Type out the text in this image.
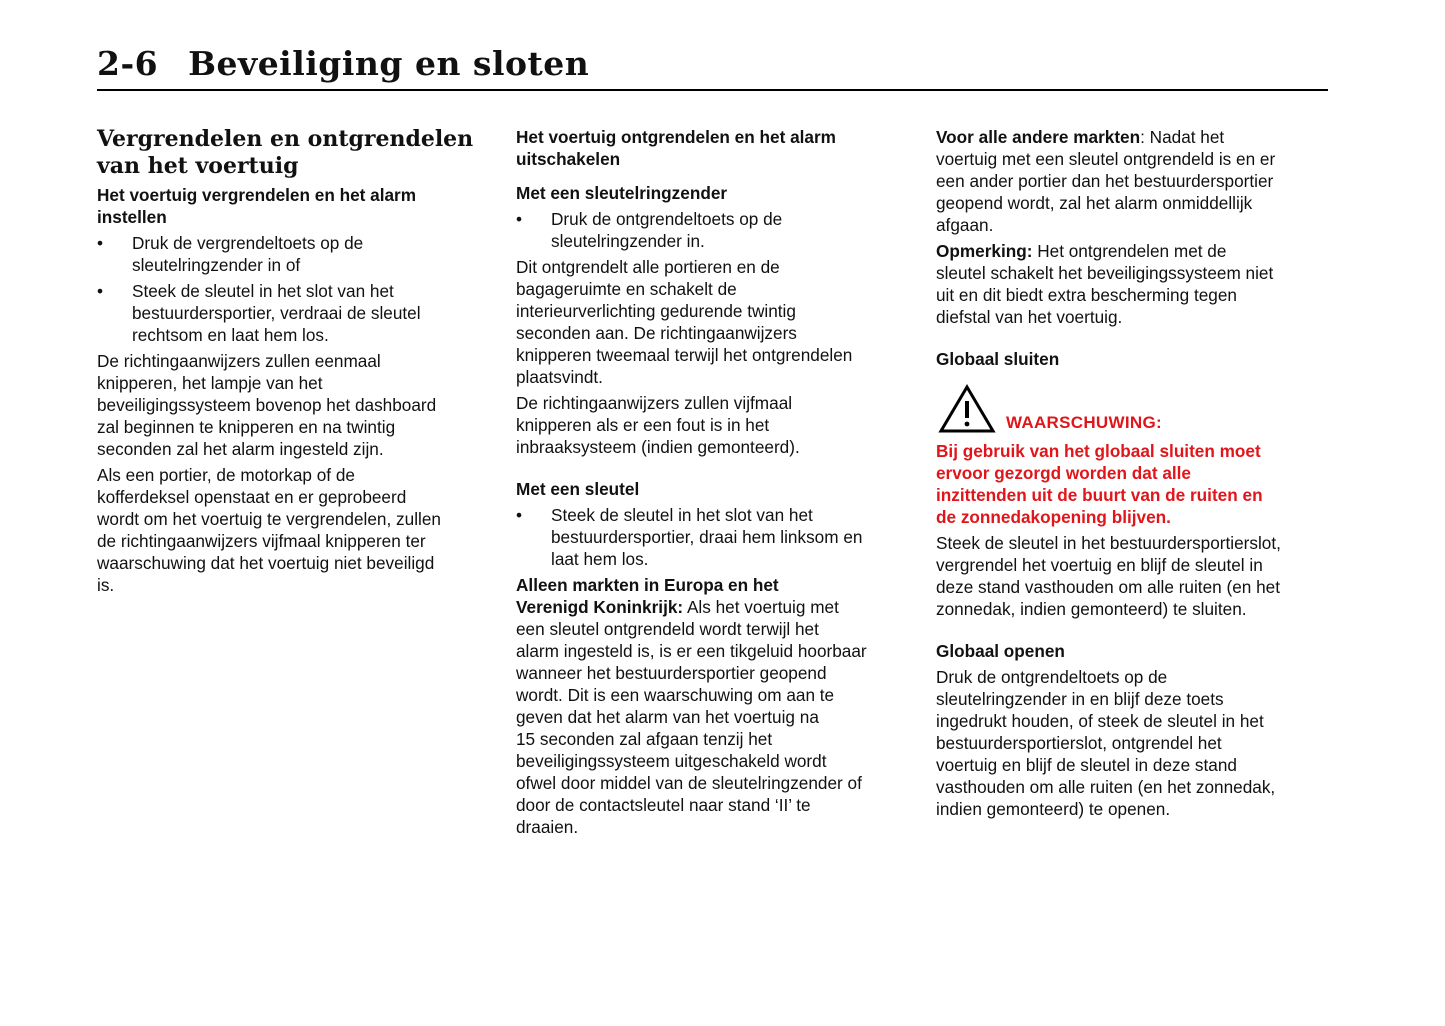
2-6 Beveiliging en sloten
Vergrendelen en ontgrendelen
van het voertuig
Het voertuig vergrendelen en het alarm
instellen
•	Druk de vergrendeltoets op de
sleutelringzender in of
•	Steek de sleutel in het slot van het
bestuurdersportier, verdraai de sleutel
rechtsom en laat hem los.
De richtingaanwijzers zullen eenmaal
knipperen, het lampje van het
beveiligingssysteem bovenop het dashboard
zal beginnen te knipperen en na twintig
seconden zal het alarm ingesteld zijn.
Als een portier, de motorkap of de
kofferdeksel openstaat en er geprobeerd
wordt om het voertuig te vergrendelen, zullen
de richtingaanwijzers vijfmaal knipperen ter
waarschuwing dat het voertuig niet beveiligd
is.
Het voertuig ontgrendelen en het alarm
uitschakelen
Met een sleutelringzender
•	Druk de ontgrendeltoets op de
sleutelringzender in.
Dit ontgrendelt alle portieren en de
bagageruimte en schakelt de
interieurverlichting gedurende twintig
seconden aan. De richtingaanwijzers
knipperen tweemaal terwijl het ontgrendelen
plaatsvindt.
De richtingaanwijzers zullen vijfmaal
knipperen als er een fout is in het
inbraaksysteem (indien gemonteerd).
Met een sleutel
•	Steek de sleutel in het slot van het
bestuurdersportier, draai hem linksom en
laat hem los.
Alleen markten in Europa en het
Verenigd Koninkrijk: Als het voertuig met
een sleutel ontgrendeld wordt terwijl het
alarm ingesteld is, is er een tikgeluid hoorbaar
wanneer het bestuurdersportier geopend
wordt. Dit is een waarschuwing om aan te
geven dat het alarm van het voertuig na
15 seconden zal afgaan tenzij het
beveiligingssysteem uitgeschakeld wordt
ofwel door middel van de sleutelringzender of
door de contactsleutel naar stand ‘II’ te
draaien.
Voor alle andere markten: Nadat het
voertuig met een sleutel ontgrendeld is en er
een ander portier dan het bestuurdersportier
geopend wordt, zal het alarm onmiddellijk
afgaan.
Opmerking: Het ontgrendelen met de
sleutel schakelt het beveiligingssysteem niet
uit en dit biedt extra bescherming tegen
diefstal van het voertuig.
Globaal sluiten
WAARSCHUWING:
Bij gebruik van het globaal sluiten moet
ervoor gezorgd worden dat alle
inzittenden uit de buurt van de ruiten en
de zonnedakopening blijven.
Steek de sleutel in het bestuurdersportierslot,
vergrendel het voertuig en blijf de sleutel in
deze stand vasthouden om alle ruiten (en het
zonnedak, indien gemonteerd) te sluiten.
Globaal openen
Druk de ontgrendeltoets op de
sleutelringzender in en blijf deze toets
ingedrukt houden, of steek de sleutel in het
bestuurdersportierslot, ontgrendel het
voertuig en blijf de sleutel in deze stand
vasthouden om alle ruiten (en het zonnedak,
indien gemonteerd) te openen.
